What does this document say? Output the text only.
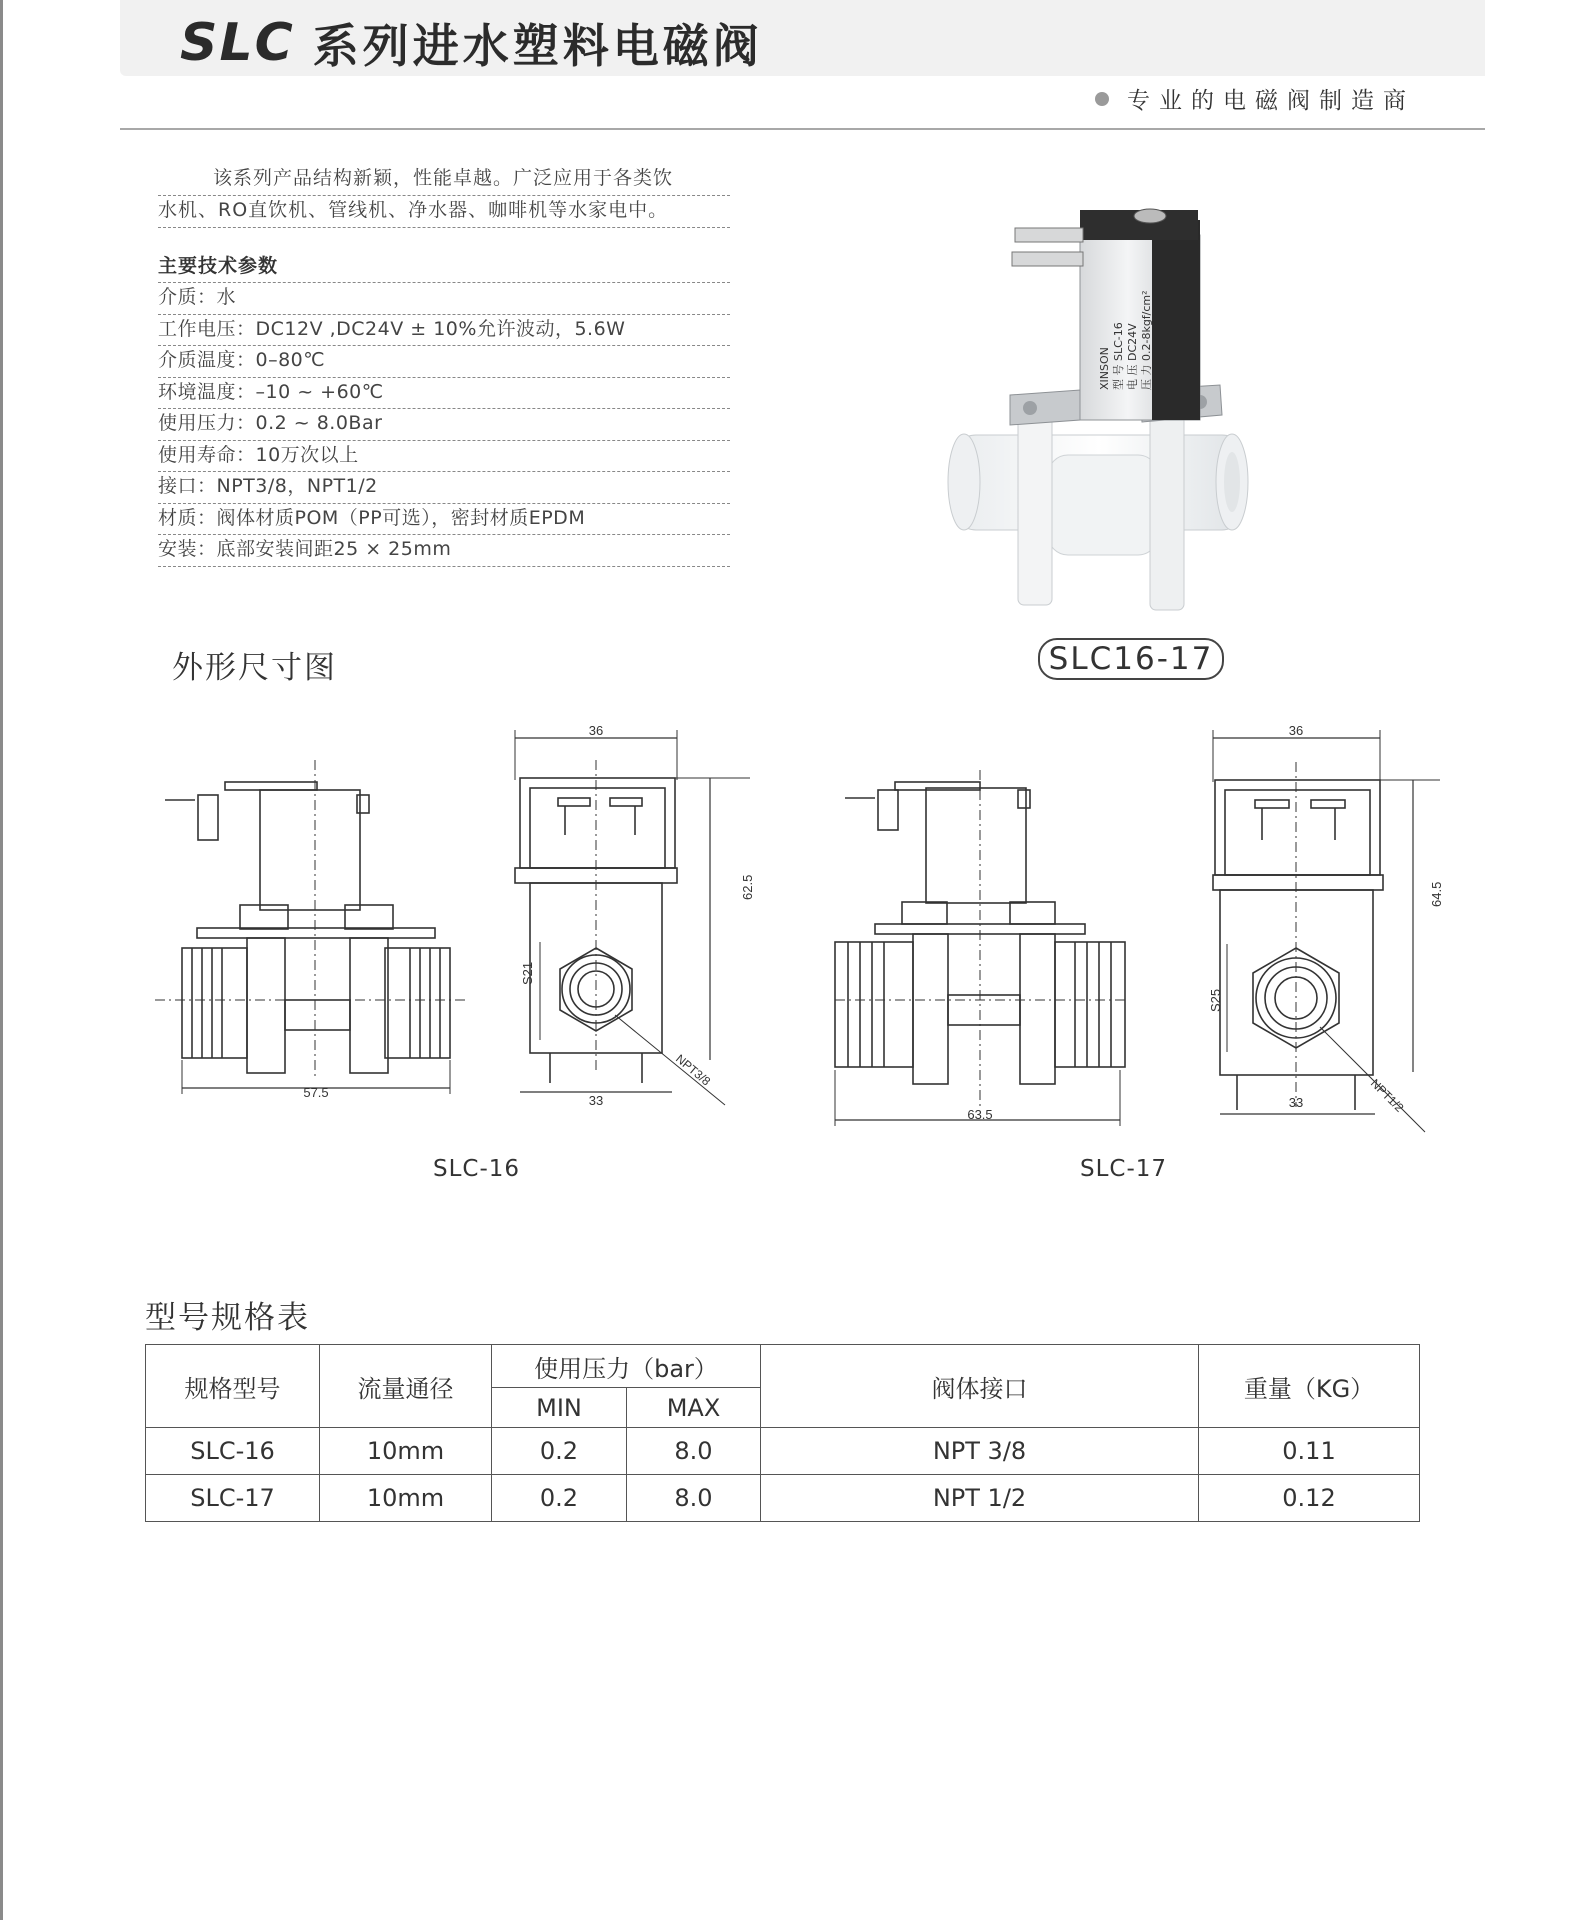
SLC 系列进水塑料电磁阀
专业的电磁阀制造商
该系列产品结构新颖，性能卓越。广泛应用于各类饮
水机、RO直饮机、管线机、净水器、咖啡机等水家电中。
主要技术参数
介质：水
工作电压：DC12V ,DC24V ± 10%允许波动，5.6W
介质温度：0–80℃
环境温度：–10 ~ +60℃
使用压力：0.2 ~ 8.0Bar
使用寿命：10万次以上
接口：NPT3/8，NPT1/2
材质：阀体材质POM（PP可选），密封材质EPDM
安装：底部安装间距25 × 25mm
XINSON 型 号 SLC-16 电 压 DC24V 压 力 0.2-8kgf/cm²
SLC16-17
外形尺寸图
57.5
36
S21
62.5
33
NPT3/8
63.5
36
S25
64.5
33	NPT1/2
SLC-16	SLC-17
型号规格表
规格型号	流量通径	使用压力（bar）		阀体接口	重量（KG）
		MIN	MAX		
SLC-16	10mm	0.2	8.0	NPT 3/8	0.11
SLC-17	10mm	0.2	8.0	NPT 1/2	0.12
